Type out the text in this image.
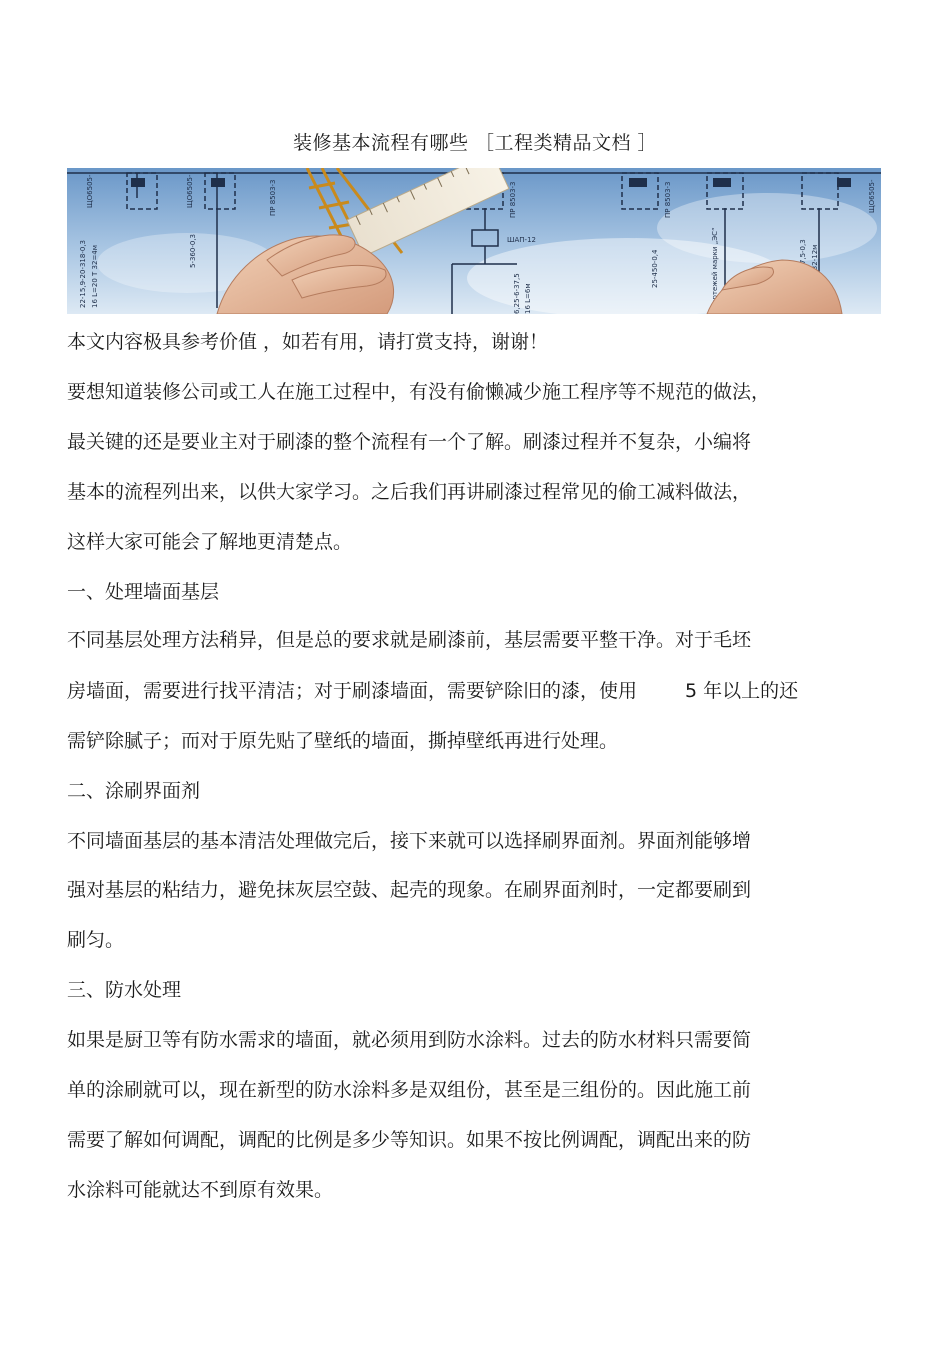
装修基本流程有哪些 ［工程类精品文档 ］
ЩО6505-	ЩО6505-	ПР 8503-3	ПР 8503-3	ПР 8503-3	ЩО6505-
ШАП-12
22-15,9-20-318-0,3 16 L=20 T 32=4м	5-360-0,3
6,25-6-37,5
25-450-0,4	чертежей марки „ЭС“
16 L=6м
本文内容极具参考价值 ，如若有用，请打赏支持，谢谢！
要想知道装修公司或工人在施工过程中，有没有偷懒减少施工程序等不规范的做法，
最关键的还是要业主对于刷漆的整个流程有一个了解。刷漆过程并不复杂，小编将
基本的流程列出来，以供大家学习。之后我们再讲刷漆过程常见的偷工减料做法，
这样大家可能会了解地更清楚点。
一、处理墙面基层
不同基层处理方法稍异，但是总的要求就是刷漆前，基层需要平整干净。对于毛坯
房墙面，需要进行找平清洁；对于刷漆墙面，需要铲除旧的漆，使用	5 年以上的还
需铲除腻子；而对于原先贴了壁纸的墙面，撕掉壁纸再进行处理。
二、涂刷界面剂
不同墙面基层的基本清洁处理做完后，接下来就可以选择刷界面剂。界面剂能够增
强对基层的粘结力，避免抹灰层空鼓、起壳的现象。在刷界面剂时，一定都要刷到
刷匀。
三、防水处理
如果是厨卫等有防水需求的墙面，就必须用到防水涂料。过去的防水材料只需要简
单的涂刷就可以，现在新型的防水涂料多是双组份，甚至是三组份的。因此施工前
需要了解如何调配，调配的比例是多少等知识。如果不按比例调配，调配出来的防
水涂料可能就达不到原有效果。
